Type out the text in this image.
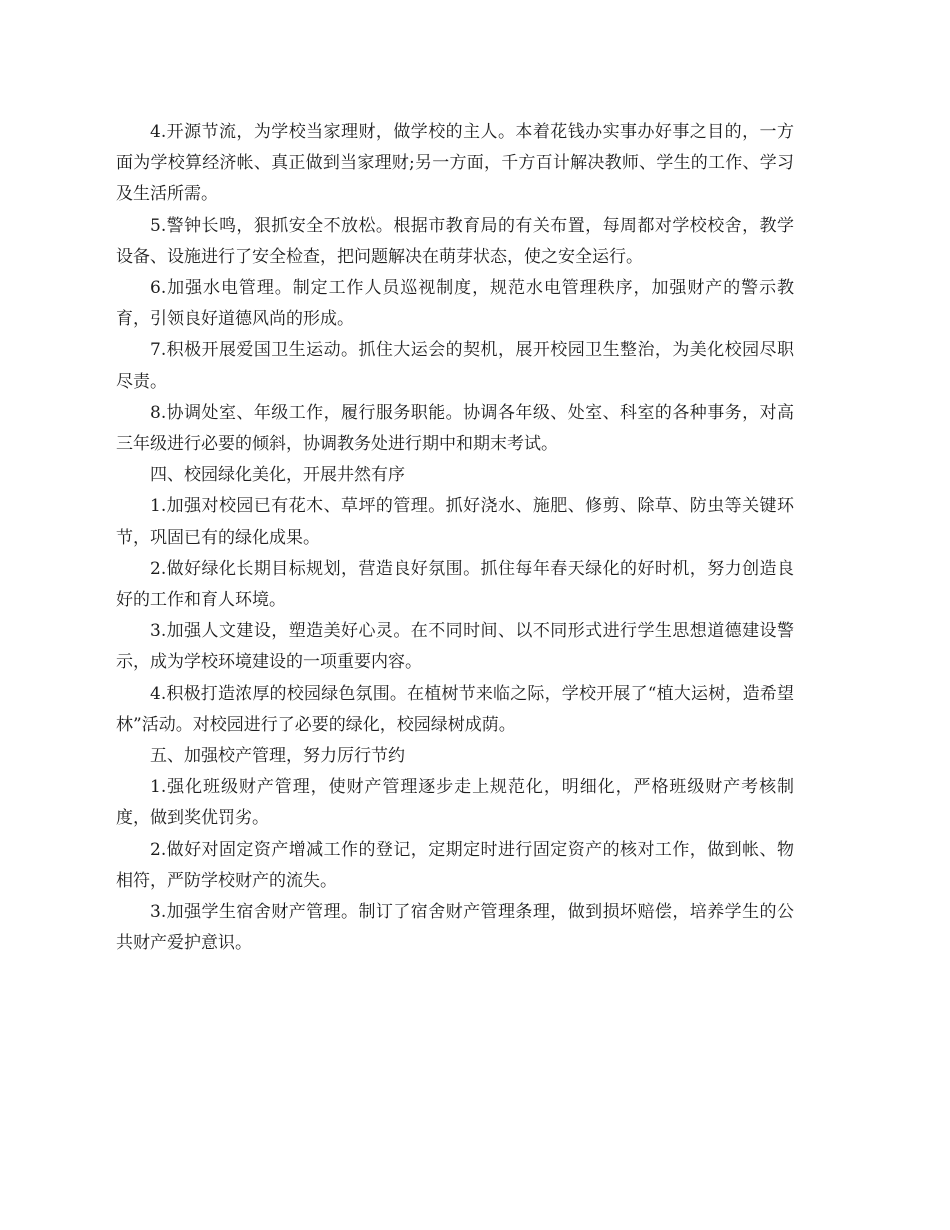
4.开源节流，为学校当家理财，做学校的主人。本着花钱办实事办好事之目的，一方面为学校算经济帐、真正做到当家理财;另一方面，千方百计解决教师、学生的工作、学习及生活所需。

5.警钟长鸣，狠抓安全不放松。根据市教育局的有关布置，每周都对学校校舍，教学设备、设施进行了安全检查，把问题解决在萌芽状态，使之安全运行。

6.加强水电管理。制定工作人员巡视制度，规范水电管理秩序，加强财产的警示教育，引领良好道德风尚的形成。

7.积极开展爱国卫生运动。抓住大运会的契机，展开校园卫生整治，为美化校园尽职尽责。

8.协调处室、年级工作，履行服务职能。协调各年级、处室、科室的各种事务，对高三年级进行必要的倾斜，协调教务处进行期中和期末考试。

四、校园绿化美化，开展井然有序

1.加强对校园已有花木、草坪的管理。抓好浇水、施肥、修剪、除草、防虫等关键环节，巩固已有的绿化成果。

2.做好绿化长期目标规划，营造良好氛围。抓住每年春天绿化的好时机，努力创造良好的工作和育人环境。

3.加强人文建设，塑造美好心灵。在不同时间、以不同形式进行学生思想道德建设警示，成为学校环境建设的一项重要内容。

4.积极打造浓厚的校园绿色氛围。在植树节来临之际，学校开展了“植大运树，造希望林”活动。对校园进行了必要的绿化，校园绿树成荫。

五、加强校产管理，努力厉行节约

1.强化班级财产管理，使财产管理逐步走上规范化，明细化，严格班级财产考核制度，做到奖优罚劣。

2.做好对固定资产增减工作的登记，定期定时进行固定资产的核对工作，做到帐、物相符，严防学校财产的流失。

3.加强学生宿舍财产管理。制订了宿舍财产管理条理，做到损坏赔偿，培养学生的公共财产爱护意识。
